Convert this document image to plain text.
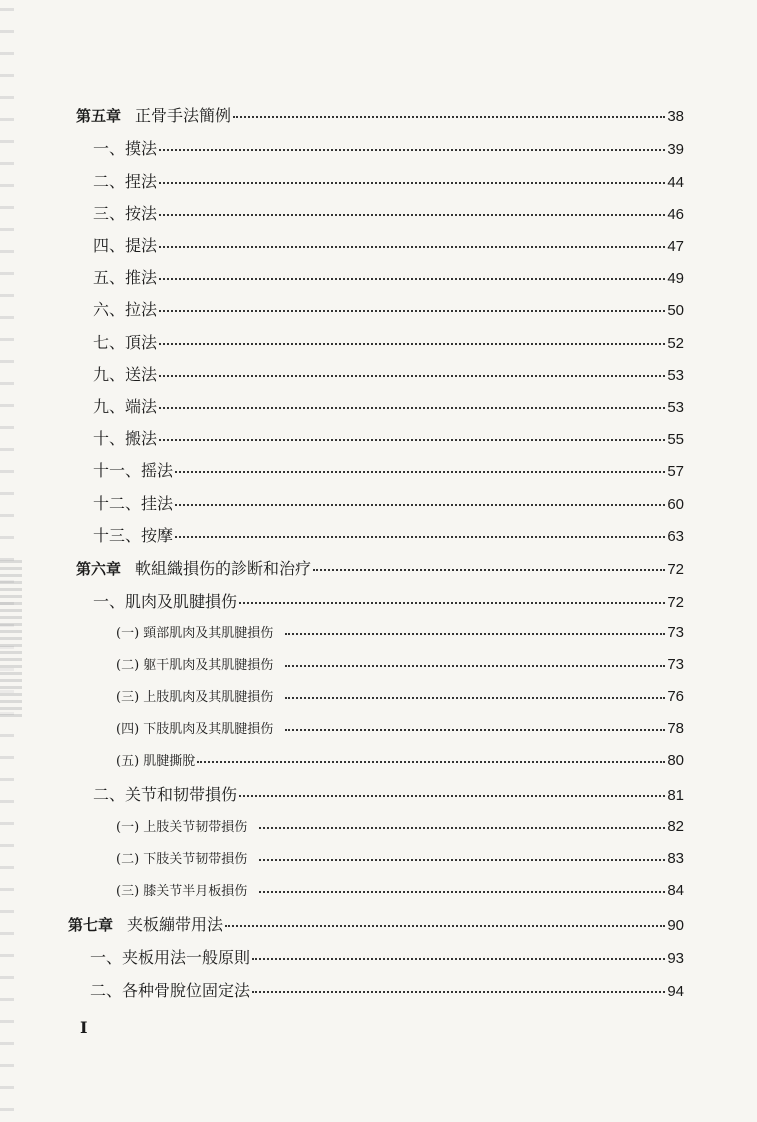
第五章 正骨手法簡例	38
一、摸法	39
二、捏法	44
三、按法	46
四、提法	47
五、推法	49
六、拉法	50
七、頂法	52
九、送法	53
九、端法	53
十、搬法	55
十一、摇法	57
十二、挂法	60
十三、按摩	63
第六章 軟組織損伤的診断和治疗	72
一、肌肉及肌腱損伤	72
(一) 頸部肌肉及其肌腱損伤	73
(二) 躯干肌肉及其肌腱損伤	73
(三) 上肢肌肉及其肌腱損伤	76
(四) 下肢肌肉及其肌腱損伤	78
(五) 肌腱撕脫	80
二、关节和韧带損伤	81
(一) 上肢关节韧带損伤	82
(二) 下肢关节韧带損伤	83
(三) 膝关节半月板損伤	84
第七章 夹板繃带用法	90
一、夹板用法一般原則	93
二、各种骨脫位固定法	94
I
